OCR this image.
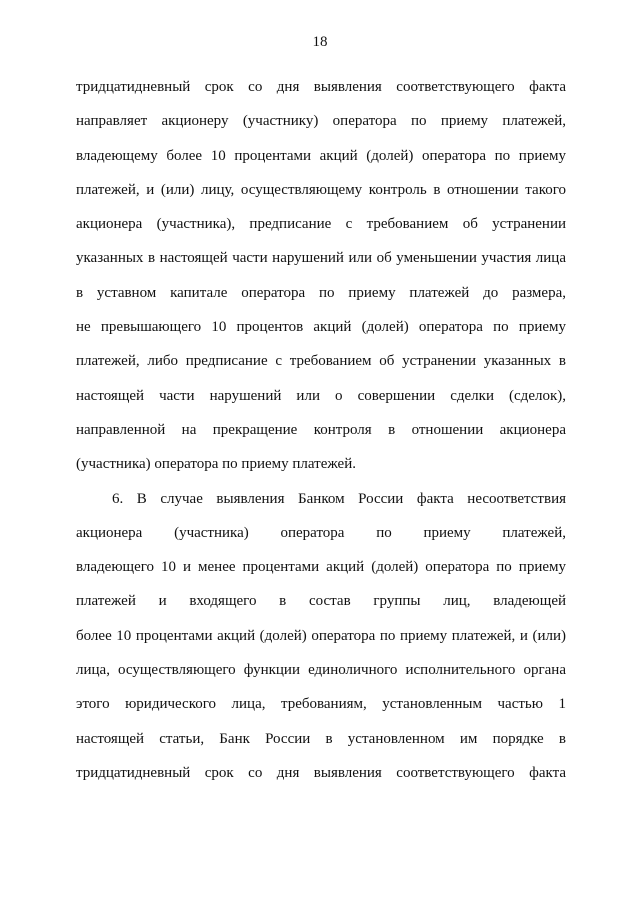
18
тридцатидневный срок со дня выявления соответствующего факта
направляет акционеру (участнику) оператора по приему платежей,
владеющему более 10 процентами акций (долей) оператора по приему
платежей, и (или) лицу, осуществляющему контроль в отношении такого
акционера (участника), предписание с требованием об устранении
указанных в настоящей части нарушений или об уменьшении участия лица
в уставном капитале оператора по приему платежей до размера,
не превышающего 10 процентов акций (долей) оператора по приему
платежей, либо предписание с требованием об устранении указанных в
настоящей части нарушений или о совершении сделки (сделок),
направленной на прекращение контроля в отношении акционера
(участника) оператора по приему платежей.
6. В случае выявления Банком России факта несоответствия
акционера (участника) оператора по приему платежей,
владеющего 10 и менее процентами акций (долей) оператора по приему
платежей и входящего в состав группы лиц, владеющей
более 10 процентами акций (долей) оператора по приему платежей, и (или)
лица, осуществляющего функции единоличного исполнительного органа
этого юридического лица, требованиям, установленным частью 1
настоящей статьи, Банк России в установленном им порядке в
тридцатидневный срок со дня выявления соответствующего факта
